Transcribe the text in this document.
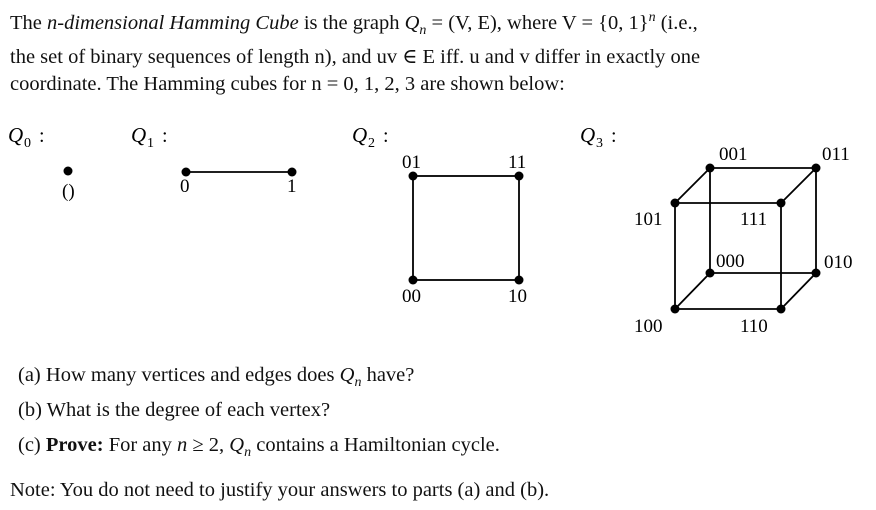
The n-dimensional Hamming Cube is the graph $Q_n = (V$, E), where V = {0, 1}$^n$ (i.e.,
the set of binary sequences of length n), and uv ∈ E iff. u and v differ in exactly one
coordinate. The Hamming cubes for n = 0, 1, 2, 3 are shown below:
Q 0 :
()
Q 1 :
0	1
Q 2 :
01	11
00	10
Q 3 :
001	011
101	111
000	010
100	110
(a) How many vertices and edges does $Q_n$ have?
(b) What is the degree of each vertex?
(c) Prove: For any n ≥ 2, $Q_n$ contains a Hamiltonian cycle.
Note: You do not need to justify your answers to parts (a) and (b).
